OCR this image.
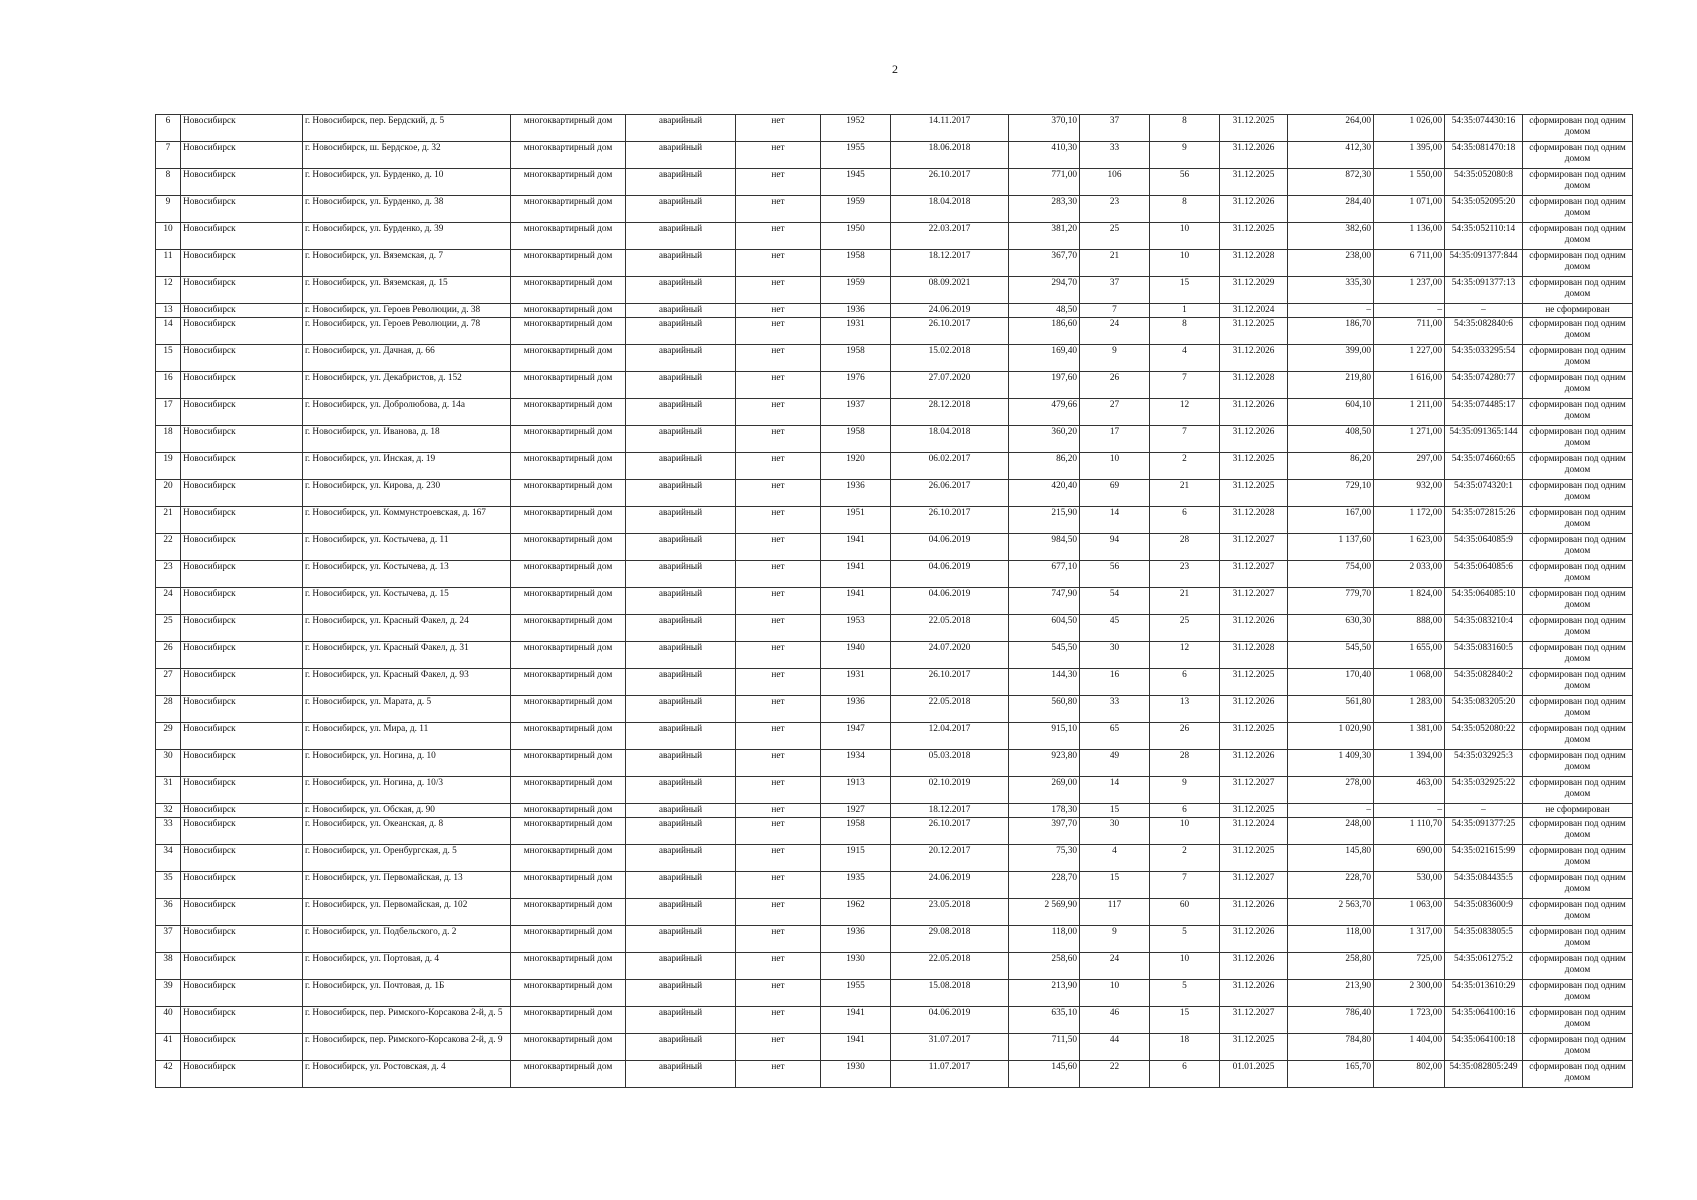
2
6	Новосибирск	г. Новосибирск, пер. Бердский, д. 5	многоквартирный дом	аварийный	нет	1952	14.11.2017	370,10	37	8	31.12.2025	264,00	1 026,00	54:35:074430:16	сформирован под одним домом
7	Новосибирск	г. Новосибирск, ш. Бердское, д. 32	многоквартирный дом	аварийный	нет	1955	18.06.2018	410,30	33	9	31.12.2026	412,30	1 395,00	54:35:081470:18	сформирован под одним домом
8	Новосибирск	г. Новосибирск, ул. Бурденко, д. 10	многоквартирный дом	аварийный	нет	1945	26.10.2017	771,00	106	56	31.12.2025	872,30	1 550,00	54:35:052080:8	сформирован под одним домом
9	Новосибирск	г. Новосибирск, ул. Бурденко, д. 38	многоквартирный дом	аварийный	нет	1959	18.04.2018	283,30	23	8	31.12.2026	284,40	1 071,00	54:35:052095:20	сформирован под одним домом
10	Новосибирск	г. Новосибирск, ул. Бурденко, д. 39	многоквартирный дом	аварийный	нет	1950	22.03.2017	381,20	25	10	31.12.2025	382,60	1 136,00	54:35:052110:14	сформирован под одним домом
11	Новосибирск	г. Новосибирск, ул. Вяземская, д. 7	многоквартирный дом	аварийный	нет	1958	18.12.2017	367,70	21	10	31.12.2028	238,00	6 711,00	54:35:091377:844	сформирован под одним домом
12	Новосибирск	г. Новосибирск, ул. Вяземская, д. 15	многоквартирный дом	аварийный	нет	1959	08.09.2021	294,70	37	15	31.12.2029	335,30	1 237,00	54:35:091377:13	сформирован под одним домом
13	Новосибирск	г. Новосибирск, ул. Героев Революции, д. 38	многоквартирный дом	аварийный	нет	1936	24.06.2019	48,50	7	1	31.12.2024	–	–	–	не сформирован
14	Новосибирск	г. Новосибирск, ул. Героев Революции, д. 78	многоквартирный дом	аварийный	нет	1931	26.10.2017	186,60	24	8	31.12.2025	186,70	711,00	54:35:082840:6	сформирован под одним домом
15	Новосибирск	г. Новосибирск, ул. Дачная, д. 66	многоквартирный дом	аварийный	нет	1958	15.02.2018	169,40	9	4	31.12.2026	399,00	1 227,00	54:35:033295:54	сформирован под одним домом
16	Новосибирск	г. Новосибирск, ул. Декабристов, д. 152	многоквартирный дом	аварийный	нет	1976	27.07.2020	197,60	26	7	31.12.2028	219,80	1 616,00	54:35:074280:77	сформирован под одним домом
17	Новосибирск	г. Новосибирск, ул. Добролюбова, д. 14а	многоквартирный дом	аварийный	нет	1937	28.12.2018	479,66	27	12	31.12.2026	604,10	1 211,00	54:35:074485:17	сформирован под одним домом
18	Новосибирск	г. Новосибирск, ул. Иванова, д. 18	многоквартирный дом	аварийный	нет	1958	18.04.2018	360,20	17	7	31.12.2026	408,50	1 271,00	54:35:091365:144	сформирован под одним домом
19	Новосибирск	г. Новосибирск, ул. Инская, д. 19	многоквартирный дом	аварийный	нет	1920	06.02.2017	86,20	10	2	31.12.2025	86,20	297,00	54:35:074660:65	сформирован под одним домом
20	Новосибирск	г. Новосибирск, ул. Кирова, д. 230	многоквартирный дом	аварийный	нет	1936	26.06.2017	420,40	69	21	31.12.2025	729,10	932,00	54:35:074320:1	сформирован под одним домом
21	Новосибирск	г. Новосибирск, ул. Коммунстроевская, д. 167	многоквартирный дом	аварийный	нет	1951	26.10.2017	215,90	14	6	31.12.2028	167,00	1 172,00	54:35:072815:26	сформирован под одним домом
22	Новосибирск	г. Новосибирск, ул. Костычева, д. 11	многоквартирный дом	аварийный	нет	1941	04.06.2019	984,50	94	28	31.12.2027	1 137,60	1 623,00	54:35:064085:9	сформирован под одним домом
23	Новосибирск	г. Новосибирск, ул. Костычева, д. 13	многоквартирный дом	аварийный	нет	1941	04.06.2019	677,10	56	23	31.12.2027	754,00	2 033,00	54:35:064085:6	сформирован под одним домом
24	Новосибирск	г. Новосибирск, ул. Костычева, д. 15	многоквартирный дом	аварийный	нет	1941	04.06.2019	747,90	54	21	31.12.2027	779,70	1 824,00	54:35:064085:10	сформирован под одним домом
25	Новосибирск	г. Новосибирск, ул. Красный Факел, д. 24	многоквартирный дом	аварийный	нет	1953	22.05.2018	604,50	45	25	31.12.2026	630,30	888,00	54:35:083210:4	сформирован под одним домом
26	Новосибирск	г. Новосибирск, ул. Красный Факел, д. 31	многоквартирный дом	аварийный	нет	1940	24.07.2020	545,50	30	12	31.12.2028	545,50	1 655,00	54:35:083160:5	сформирован под одним домом
27	Новосибирск	г. Новосибирск, ул. Красный Факел, д. 93	многоквартирный дом	аварийный	нет	1931	26.10.2017	144,30	16	6	31.12.2025	170,40	1 068,00	54:35:082840:2	сформирован под одним домом
28	Новосибирск	г. Новосибирск, ул. Марата, д. 5	многоквартирный дом	аварийный	нет	1936	22.05.2018	560,80	33	13	31.12.2026	561,80	1 283,00	54:35:083205:20	сформирован под одним домом
29	Новосибирск	г. Новосибирск, ул. Мира, д. 11	многоквартирный дом	аварийный	нет	1947	12.04.2017	915,10	65	26	31.12.2025	1 020,90	1 381,00	54:35:052080:22	сформирован под одним домом
30	Новосибирск	г. Новосибирск, ул. Ногина, д. 10	многоквартирный дом	аварийный	нет	1934	05.03.2018	923,80	49	28	31.12.2026	1 409,30	1 394,00	54:35:032925:3	сформирован под одним домом
31	Новосибирск	г. Новосибирск, ул. Ногина, д. 10/3	многоквартирный дом	аварийный	нет	1913	02.10.2019	269,00	14	9	31.12.2027	278,00	463,00	54:35:032925:22	сформирован под одним домом
32	Новосибирск	г. Новосибирск, ул. Обская, д. 90	многоквартирный дом	аварийный	нет	1927	18.12.2017	178,30	15	6	31.12.2025	–	–	–	не сформирован
33	Новосибирск	г. Новосибирск, ул. Океанская, д. 8	многоквартирный дом	аварийный	нет	1958	26.10.2017	397,70	30	10	31.12.2024	248,00	1 110,70	54:35:091377:25	сформирован под одним домом
34	Новосибирск	г. Новосибирск, ул. Оренбургская, д. 5	многоквартирный дом	аварийный	нет	1915	20.12.2017	75,30	4	2	31.12.2025	145,80	690,00	54:35:021615:99	сформирован под одним домом
35	Новосибирск	г. Новосибирск, ул. Первомайская, д. 13	многоквартирный дом	аварийный	нет	1935	24.06.2019	228,70	15	7	31.12.2027	228,70	530,00	54:35:084435:5	сформирован под одним домом
36	Новосибирск	г. Новосибирск, ул. Первомайская, д. 102	многоквартирный дом	аварийный	нет	1962	23.05.2018	2 569,90	117	60	31.12.2026	2 563,70	1 063,00	54:35:083600:9	сформирован под одним домом
37	Новосибирск	г. Новосибирск, ул. Подбельского, д. 2	многоквартирный дом	аварийный	нет	1936	29.08.2018	118,00	9	5	31.12.2026	118,00	1 317,00	54:35:083805:5	сформирован под одним домом
38	Новосибирск	г. Новосибирск, ул. Портовая, д. 4	многоквартирный дом	аварийный	нет	1930	22.05.2018	258,60	24	10	31.12.2026	258,80	725,00	54:35:061275:2	сформирован под одним домом
39	Новосибирск	г. Новосибирск, ул. Почтовая, д. 1Б	многоквартирный дом	аварийный	нет	1955	15.08.2018	213,90	10	5	31.12.2026	213,90	2 300,00	54:35:013610:29	сформирован под одним домом
40	Новосибирск	г. Новосибирск, пер. Римского-Корсакова 2-й, д. 5	многоквартирный дом	аварийный	нет	1941	04.06.2019	635,10	46	15	31.12.2027	786,40	1 723,00	54:35:064100:16	сформирован под одним домом
41	Новосибирск	г. Новосибирск, пер. Римского-Корсакова 2-й, д. 9	многоквартирный дом	аварийный	нет	1941	31.07.2017	711,50	44	18	31.12.2025	784,80	1 404,00	54:35:064100:18	сформирован под одним домом
42	Новосибирск	г. Новосибирск, ул. Ростовская, д. 4	многоквартирный дом	аварийный	нет	1930	11.07.2017	145,60	22	6	01.01.2025	165,70	802,00	54:35:082805:249	сформирован под одним домом
